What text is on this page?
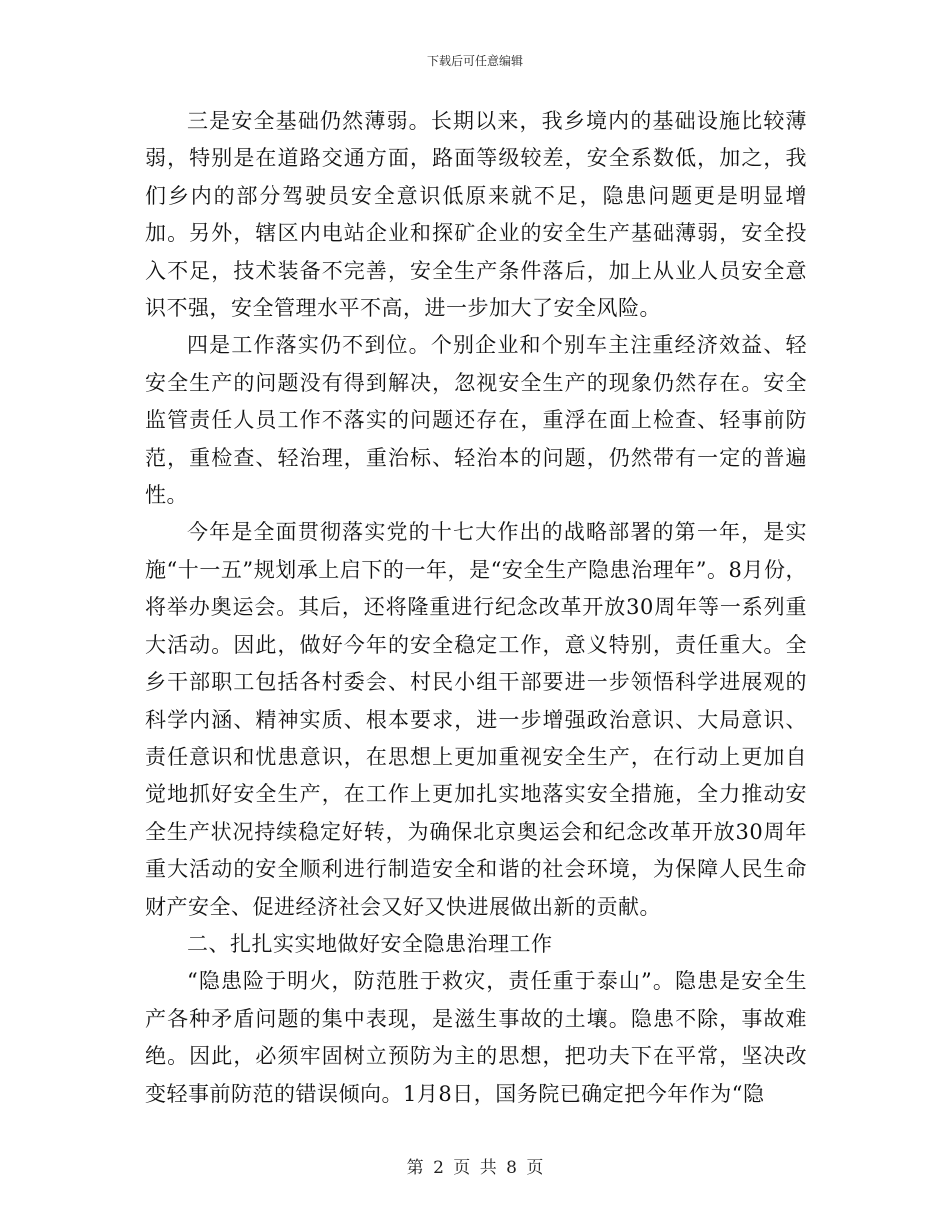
下载后可任意编辑

三是安全基础仍然薄弱。长期以来，我乡境内的基础设施比较薄弱，特别是在道路交通方面，路面等级较差，安全系数低，加之，我们乡内的部分驾驶员安全意识低原来就不足，隐患问题更是明显增加。另外，辖区内电站企业和探矿企业的安全生产基础薄弱，安全投入不足，技术装备不完善，安全生产条件落后，加上从业人员安全意识不强，安全管理水平不高，进一步加大了安全风险。

四是工作落实仍不到位。个别企业和个别车主注重经济效益、轻安全生产的问题没有得到解决，忽视安全生产的现象仍然存在。安全监管责任人员工作不落实的问题还存在，重浮在面上检查、轻事前防范，重检查、轻治理，重治标、轻治本的问题，仍然带有一定的普遍性。

今年是全面贯彻落实党的十七大作出的战略部署的第一年，是实施“十一五”规划承上启下的一年，是“安全生产隐患治理年”。8月份，将举办奥运会。其后，还将隆重进行纪念改革开放30周年等一系列重大活动。因此，做好今年的安全稳定工作，意义特别，责任重大。全乡干部职工包括各村委会、村民小组干部要进一步领悟科学进展观的科学内涵、精神实质、根本要求，进一步增强政治意识、大局意识、责任意识和忧患意识，在思想上更加重视安全生产，在行动上更加自觉地抓好安全生产，在工作上更加扎实地落实安全措施，全力推动安全生产状况持续稳定好转，为确保北京奥运会和纪念改革开放30周年重大活动的安全顺利进行制造安全和谐的社会环境，为保障人民生命财产安全、促进经济社会又好又快进展做出新的贡献。

二、扎扎实实地做好安全隐患治理工作

“隐患险于明火，防范胜于救灾，责任重于泰山”。隐患是安全生产各种矛盾问题的集中表现，是滋生事故的土壤。隐患不除，事故难绝。因此，必须牢固树立预防为主的思想，把功夫下在平常，坚决改变轻事前防范的错误倾向。1月8日，国务院已确定把今年作为“隐

第 2 页 共 8 页
